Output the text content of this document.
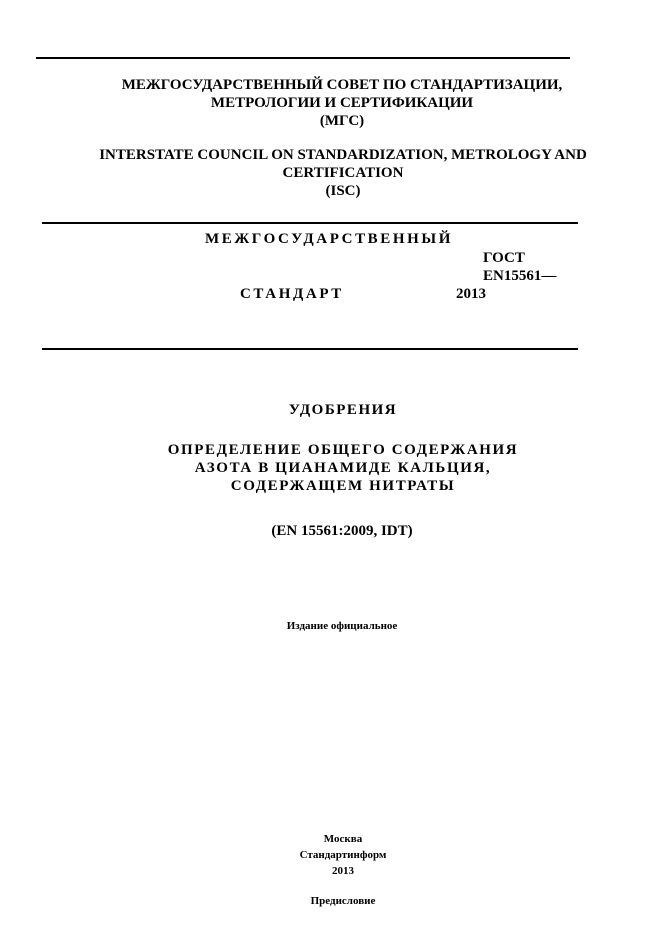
МЕЖГОСУДАРСТВЕННЫЙ СОВЕТ ПО СТАНДАРТИЗАЦИИ,
МЕТРОЛОГИИ И СЕРТИФИКАЦИИ
(МГС)
INTERSTATE COUNCIL ON STANDARDIZATION, METROLOGY AND
CERTIFICATION
(ISC)
МЕЖГОСУДАРСТВЕННЫЙ
ГОСТ
EN15561—
СТАНДАРТ	2013
УДОБРЕНИЯ
ОПРЕДЕЛЕНИЕ ОБЩЕГО СОДЕРЖАНИЯ
АЗОТА В ЦИАНАМИДЕ КАЛЬЦИЯ,
СОДЕРЖАЩЕМ НИТРАТЫ
(EN 15561:2009, IDT)
Издание официальное
Москва
Стандартинформ
2013
Предисловие
